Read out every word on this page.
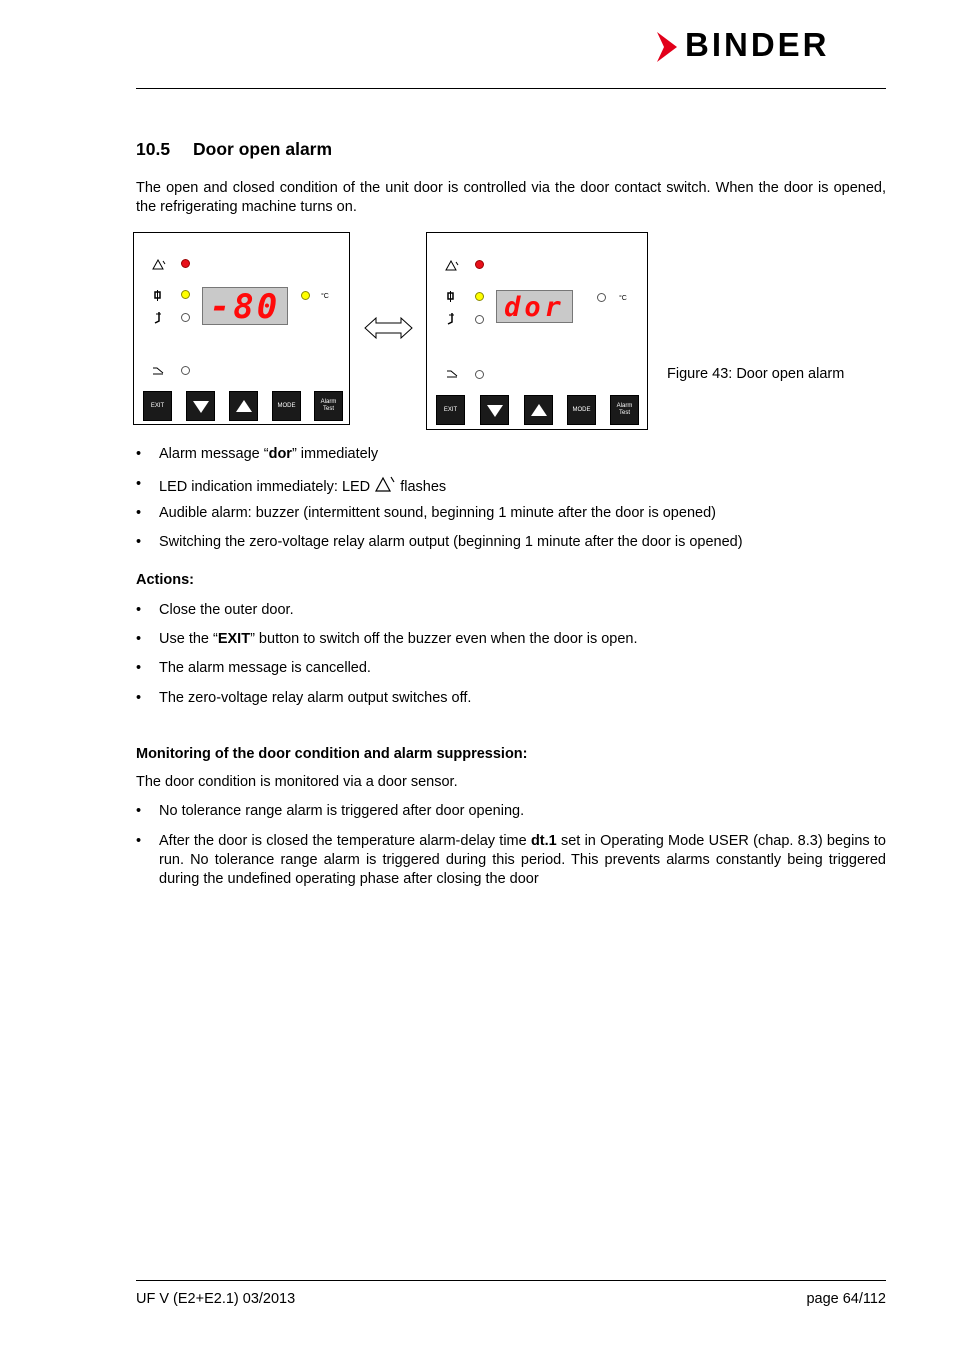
BINDER
10.5 Door open alarm
The open and closed condition of the unit door is controlled via the door contact switch. When the door is opened, the refrigerating machine turns on.
-80	°C
EXIT	MODE
Alarm
Test
dor	°C
EXIT	MODE
Alarm
Test
Figure 43: Door open alarm
•	Alarm message “dor” immediately
•	LED indication immediately: LED  flashes
•	Audible alarm: buzzer (intermittent sound, beginning 1 minute after the door is opened)
•	Switching the zero-voltage relay alarm output (beginning 1 minute after the door is opened)
Actions:
•	Close the outer door.
•	Use the “EXIT” button to switch off the buzzer even when the door is open.
•	The alarm message is cancelled.
•	The zero-voltage relay alarm output switches off.
Monitoring of the door condition and alarm suppression:
The door condition is monitored via a door sensor.
•	No tolerance range alarm is triggered after door opening.
•	After the door is closed the temperature alarm-delay time dt.1 set in Operating Mode USER (chap. 8.3) begins to run. No tolerance range alarm is triggered during this period. This prevents alarms constantly being triggered during the undefined operating phase after closing the door
UF V (E2+E2.1) 03/2013	page 64/112
